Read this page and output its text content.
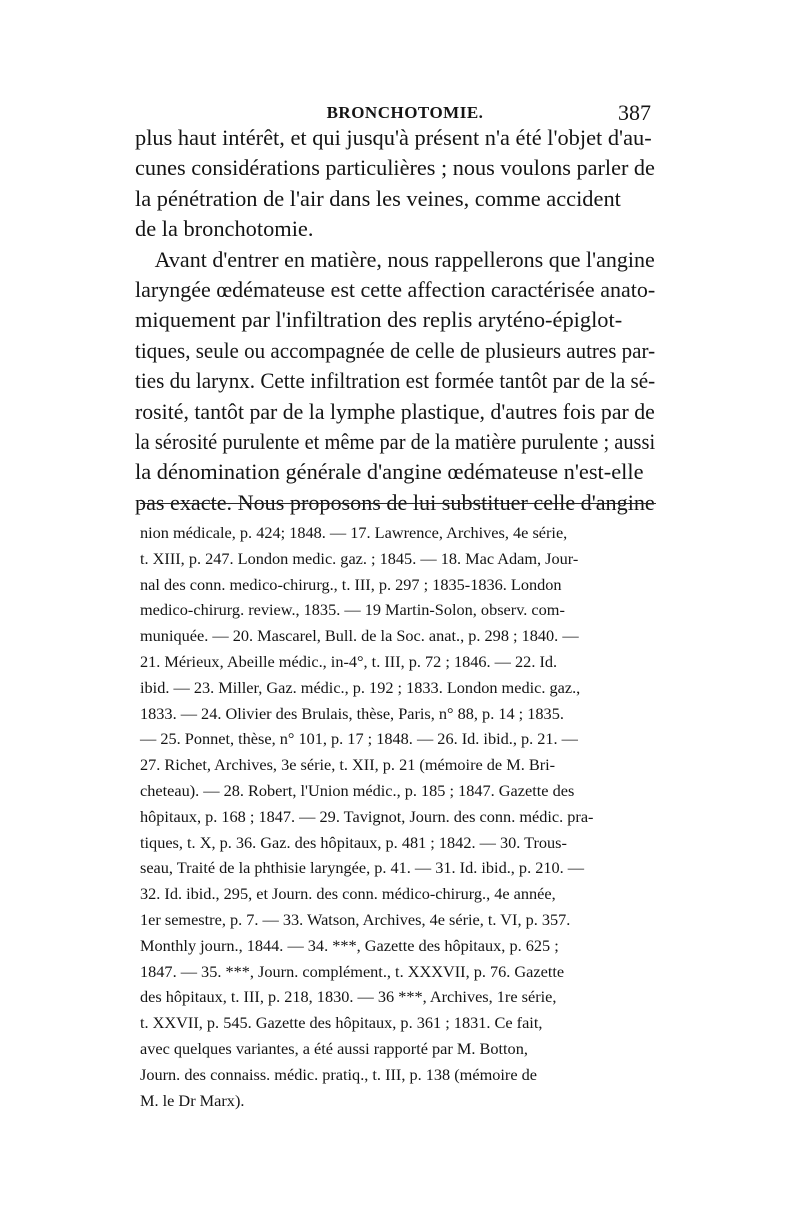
BRONCHOTOMIE.	387
plus haut intérêt, et qui jusqu'à présent n'a été l'objet d'au-
cunes considérations particulières ; nous voulons parler de
la pénétration de l'air dans les veines, comme accident
de la bronchotomie.
Avant d'entrer en matière, nous rappellerons que l'angine
laryngée œdémateuse est cette affection caractérisée anato-
miquement par l'infiltration des replis aryténo-épiglot-
tiques, seule ou accompagnée de celle de plusieurs autres par-
ties du larynx. Cette infiltration est formée tantôt par de la sé-
rosité, tantôt par de la lymphe plastique, d'autres fois par de
la sérosité purulente et même par de la matière purulente ; aussi
la dénomination générale d'angine œdémateuse n'est-elle
pas exacte. Nous proposons de lui substituer celle d'angine
nion médicale, p. 424; 1848. — 17. Lawrence, Archives, 4e série,
t. XIII, p. 247. London medic. gaz. ; 1845. — 18. Mac Adam, Jour-
nal des conn. medico-chirurg., t. III, p. 297 ; 1835-1836. London
medico-chirurg. review., 1835. — 19 Martin-Solon, observ. com-
muniquée. — 20. Mascarel, Bull. de la Soc. anat., p. 298 ; 1840. —
21. Mérieux, Abeille médic., in-4°, t. III, p. 72 ; 1846. — 22. Id.
ibid. — 23. Miller, Gaz. médic., p. 192 ; 1833. London medic. gaz.,
1833. — 24. Olivier des Brulais, thèse, Paris, n° 88, p. 14 ; 1835.
— 25. Ponnet, thèse, n° 101, p. 17 ; 1848. — 26. Id. ibid., p. 21. —
27. Richet, Archives, 3e série, t. XII, p. 21 (mémoire de M. Bri-
cheteau). — 28. Robert, l'Union médic., p. 185 ; 1847. Gazette des
hôpitaux, p. 168 ; 1847. — 29. Tavignot, Journ. des conn. médic. pra-
tiques, t. X, p. 36. Gaz. des hôpitaux, p. 481 ; 1842. — 30. Trous-
seau, Traité de la phthisie laryngée, p. 41. — 31. Id. ibid., p. 210. —
32. Id. ibid., 295, et Journ. des conn. médico-chirurg., 4e année,
1er semestre, p. 7. — 33. Watson, Archives, 4e série, t. VI, p. 357.
Monthly journ., 1844. — 34. ***, Gazette des hôpitaux, p. 625 ;
1847. — 35. ***, Journ. complément., t. XXXVII, p. 76. Gazette
des hôpitaux, t. III, p. 218, 1830. — 36 ***, Archives, 1re série,
t. XXVII, p. 545. Gazette des hôpitaux, p. 361 ; 1831. Ce fait,
avec quelques variantes, a été aussi rapporté par M. Botton,
Journ. des connaiss. médic. pratiq., t. III, p. 138 (mémoire de
M. le Dr Marx).
